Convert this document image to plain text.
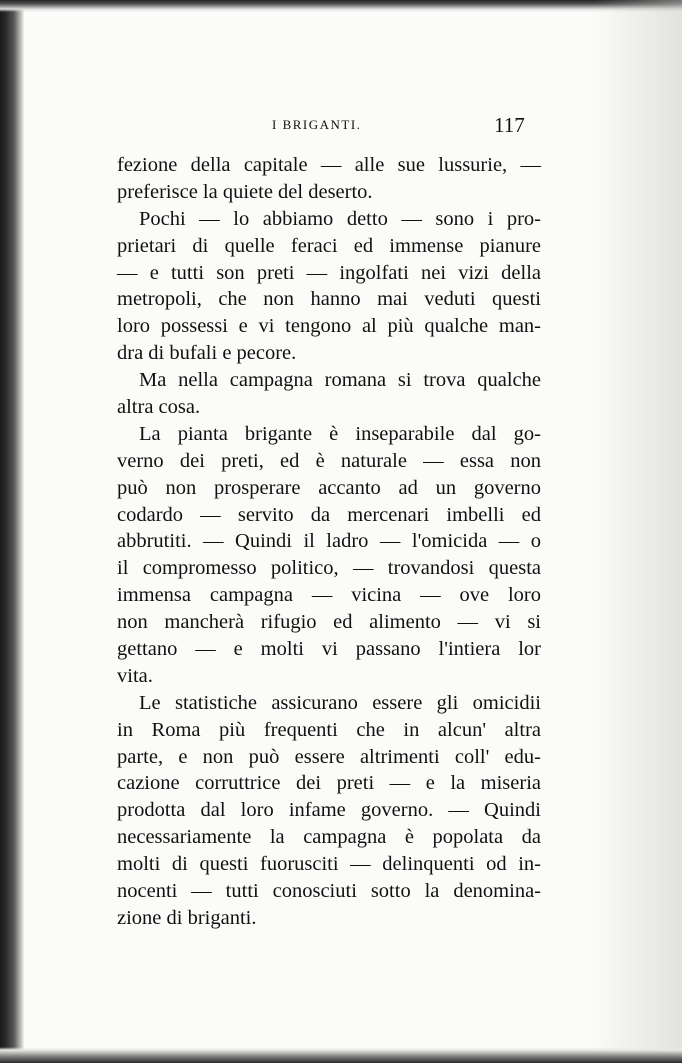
I BRIGANTI.	117
fezione della capitale — alle sue lussurie, —
preferisce la quiete del deserto.
Pochi — lo abbiamo detto — sono i pro-
prietari di quelle feraci ed immense pianure
— e tutti son preti — ingolfati nei vizi della
metropoli, che non hanno mai veduti questi
loro possessi e vi tengono al più qualche man-
dra di bufali e pecore.
Ma nella campagna romana si trova qualche
altra cosa.
La pianta brigante è inseparabile dal go-
verno dei preti, ed è naturale — essa non
può non prosperare accanto ad un governo
codardo — servito da mercenari imbelli ed
abbrutiti. — Quindi il ladro — l'omicida — o
il compromesso politico, — trovandosi questa
immensa campagna — vicina — ove loro
non mancherà rifugio ed alimento — vi si
gettano — e molti vi passano l'intiera lor
vita.
Le statistiche assicurano essere gli omicidii
in Roma più frequenti che in alcun' altra
parte, e non può essere altrimenti coll' edu-
cazione corruttrice dei preti — e la miseria
prodotta dal loro infame governo. — Quindi
necessariamente la campagna è popolata da
molti di questi fuorusciti — delinquenti od in-
nocenti — tutti conosciuti sotto la denomina-
zione di briganti.
